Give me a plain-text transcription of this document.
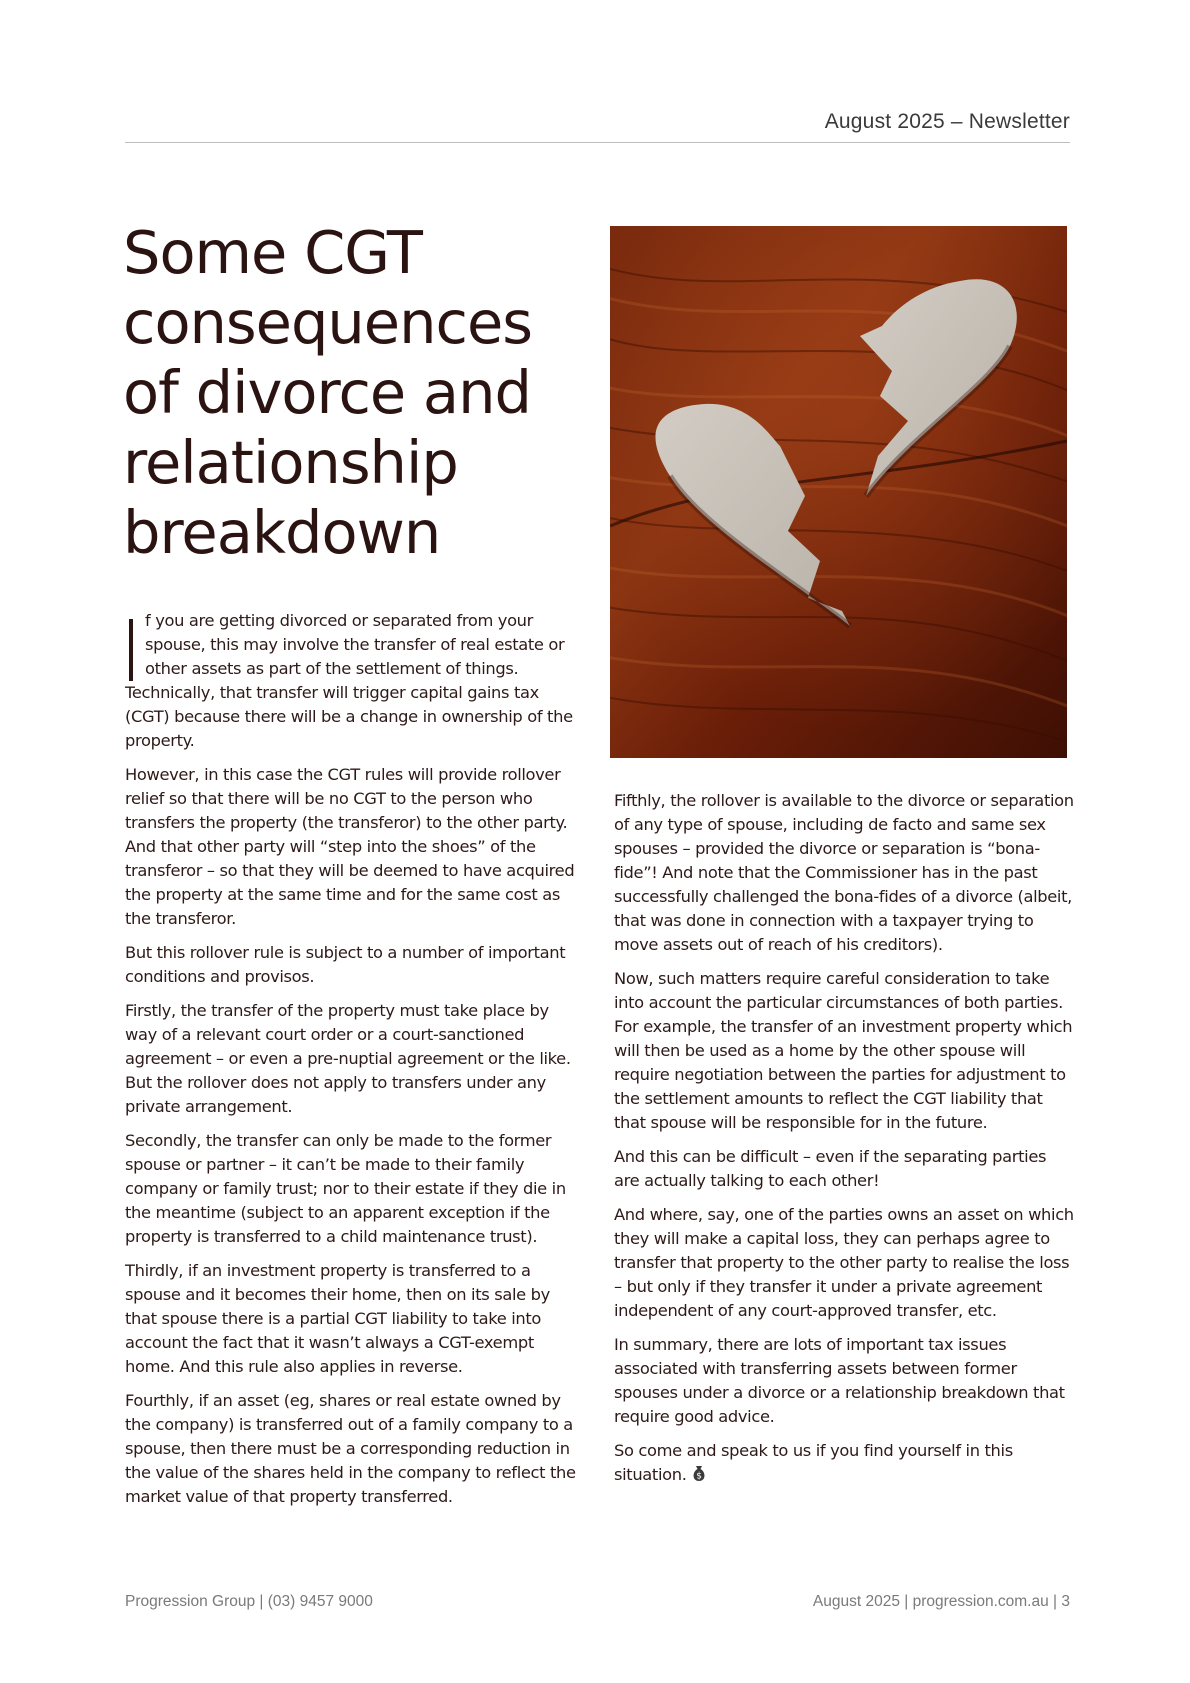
August 2025 – Newsletter
Some CGT consequences of divorce and relationship breakdown

f you are getting divorced or separated from your spouse, this may involve the transfer of real estate or other assets as part of the settlement of things. Technically, that transfer will trigger capital gains tax (CGT) because there will be a change in ownership of the property.

However, in this case the CGT rules will provide rollover relief so that there will be no CGT to the person who transfers the property (the transferor) to the other party. And that other party will “step into the shoes” of the transferor – so that they will be deemed to have acquired the property at the same time and for the same cost as the transferor.

But this rollover rule is subject to a number of important conditions and provisos.

Firstly, the transfer of the property must take place by way of a relevant court order or a court-sanctioned agreement – or even a pre-nuptial agreement or the like. But the rollover does not apply to transfers under any private arrangement.

Secondly, the transfer can only be made to the former spouse or partner – it can’t be made to their family company or family trust; nor to their estate if they die in the meantime (subject to an apparent exception if the property is transferred to a child maintenance trust).

Thirdly, if an investment property is transferred to a spouse and it becomes their home, then on its sale by that spouse there is a partial CGT liability to take into account the fact that it wasn’t always a CGT-exempt home. And this rule also applies in reverse.

Fourthly, if an asset (eg, shares or real estate owned by the company) is transferred out of a family company to a spouse, then there must be a corresponding reduction in the value of the shares held in the company to reflect the market value of that property transferred.

Fifthly, the rollover is available to the divorce or separation of any type of spouse, including de facto and same sex spouses – provided the divorce or separation is “bona-fide”! And note that the Commissioner has in the past successfully challenged the bona-fides of a divorce (albeit, that was done in connection with a taxpayer trying to move assets out of reach of his creditors).

Now, such matters require careful consideration to take into account the particular circumstances of both parties. For example, the transfer of an investment property which will then be used as a home by the other spouse will require negotiation between the parties for adjustment to the settlement amounts to reflect the CGT liability that that spouse will be responsible for in the future.

And this can be difficult – even if the separating parties are actually talking to each other!

And where, say, one of the parties owns an asset on which they will make a capital loss, they can perhaps agree to transfer that property to the other party to realise the loss – but only if they transfer it under a private agreement independent of any court-approved transfer, etc.

In summary, there are lots of important tax issues associated with transferring assets between former spouses under a divorce or a relationship breakdown that require good advice.

So come and speak to us if you find yourself in this situation. $

Progression Group | (03) 9457 9000	August 2025 | progression.com.au | 3
